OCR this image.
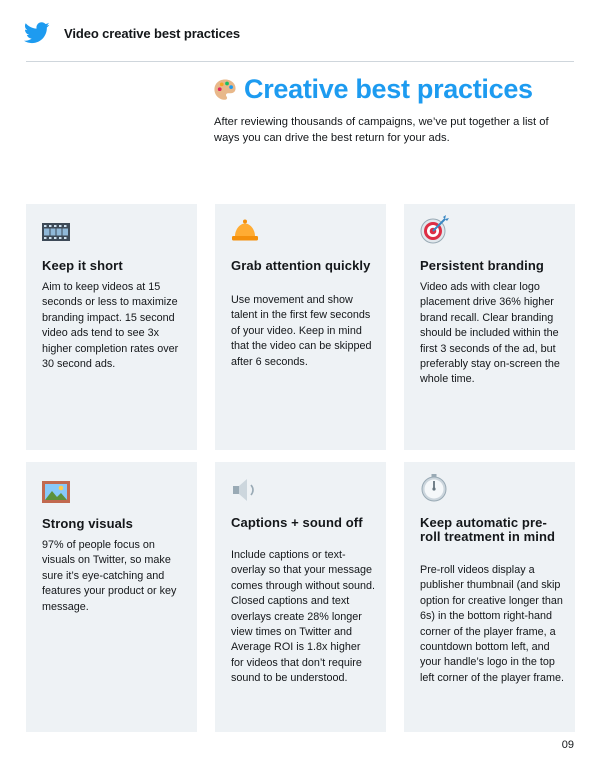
Video creative best practices
Creative best practices
After reviewing thousands of campaigns, we’ve put together a list of ways you can drive the best return for your ads.
Keep it short

Aim to keep videos at 15 seconds or less to maximize branding impact. 15 second video ads tend to see 3x higher completion rates over 30 second ads.

Grab attention quickly

Use movement and show talent in the first few seconds of your video. Keep in mind that the video can be skipped after 6 seconds.

Persistent branding

Video ads with clear logo placement drive 36% higher brand recall. Clear branding should be included within the first 3 seconds of the ad, but preferably stay on-screen the whole time.

Strong visuals

97% of people focus on visuals on Twitter, so make sure it’s eye-catching and features your product or key message.

Captions + sound off

Include captions or text-overlay so that your message comes through without sound. Closed captions and text overlays create 28% longer view times on Twitter and Average ROI is 1.8x higher for videos that don’t require sound to be understood.

Keep automatic pre-roll treatment in mind

Pre-roll videos display a publisher thumbnail (and skip option for creative longer than 6s) in the bottom right-hand corner of the player frame, a countdown bottom left, and your handle’s logo in the top left corner of the player frame.

09
